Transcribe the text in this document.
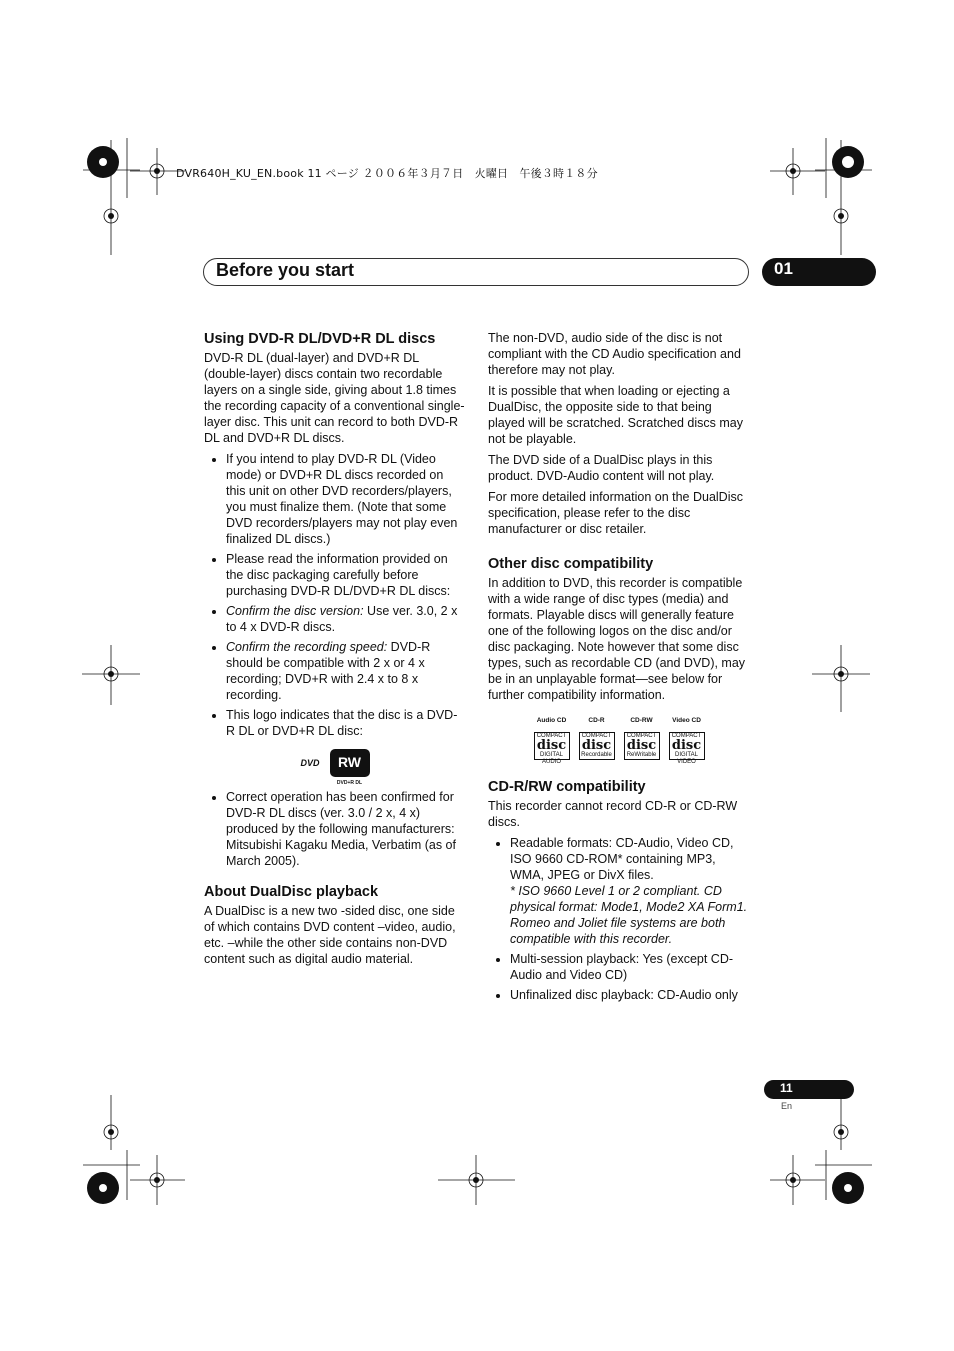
DVR640H_KU_EN.book 11 ページ ２００６年３月７日　火曜日　午後３時１８分
Before you start	01
Using DVD-R DL/DVD+R DL discs

DVD-R DL (dual-layer) and DVD+R DL (double-layer) discs contain two recordable layers on a single side, giving about 1.8 times the recording capacity of a conventional single-layer disc. This unit can record to both DVD-R DL and DVD+R DL discs.

• If you intend to play DVD-R DL (Video mode) or DVD+R DL discs recorded on this unit on other DVD recorders/players, you must finalize them. (Note that some DVD recorders/players may not play even finalized DL discs.)
• Please read the information provided on the disc packaging carefully before purchasing DVD-R DL/DVD+R DL discs:
• Confirm the disc version: Use ver. 3.0, 2 x to 4 x DVD-R discs.
• Confirm the recording speed: DVD-R should be compatible with 2 x or 4 x recording; DVD+R with 2.4 x to 8 x recording.
• This logo indicates that the disc is a DVD-R DL or DVD+R DL disc:
DVD	RW
DVD+R DL
• Correct operation has been confirmed for DVD-R DL discs (ver. 3.0 / 2 x, 4 x) produced by the following manufacturers: Mitsubishi Kagaku Media, Verbatim (as of March 2005).
About DualDisc playback

A DualDisc is a new two -sided disc, one side of which contains DVD content –video, audio, etc. –while the other side contains non-DVD content such as digital audio material.

The non-DVD, audio side of the disc is not compliant with the CD Audio specification and therefore may not play.

It is possible that when loading or ejecting a DualDisc, the opposite side to that being played will be scratched. Scratched discs may not be playable.

The DVD side of a DualDisc plays in this product. DVD-Audio content will not play.

For more detailed information on the DualDisc specification, please refer to the disc manufacturer or disc retailer.

Other disc compatibility

In addition to DVD, this recorder is compatible with a wide range of disc types (media) and formats. Playable discs will generally feature one of the following logos on the disc and/or disc packaging. Note however that some disc types, such as recordable CD (and DVD), may be in an unplayable format—see below for further compatibility information.

Audio CD
COMPACT
disc
DIGITAL AUDIO
CD-R
COMPACT
disc
Recordable
CD-RW
COMPACT
disc
ReWritable
Video CD
COMPACT
disc
DIGITAL VIDEO
CD-R/RW compatibility

This recorder cannot record CD-R or CD-RW discs.

• Readable formats: CD-Audio, Video CD, ISO 9660 CD-ROM* containing MP3, WMA, JPEG or DivX files.
* ISO 9660 Level 1 or 2 compliant. CD physical format: Mode1, Mode2 XA Form1. Romeo and Joliet file systems are both compatible with this recorder.
• Multi-session playback: Yes (except CD-Audio and Video CD)
• Unfinalized disc playback: CD-Audio only
11
En
